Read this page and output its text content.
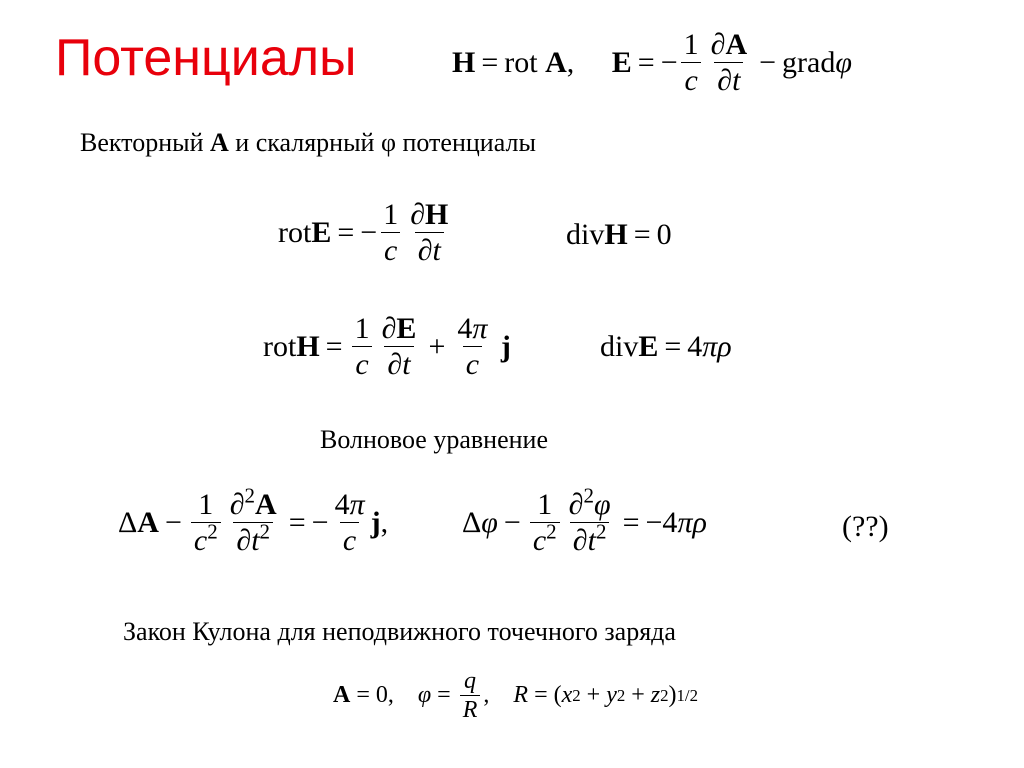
Потенциалы	H = rot A , E = − $\frac{1}{c} \frac{\partial A}{\partial t}$ − grad φ
Векторный A и скалярный φ потенциалы
rot E = − $\frac{1}{c} \frac{\partial H}{\partial t}$	div H = 0
rot $H = \frac{1}{c} \frac{\partial E}{\partial t} + \frac{4\pi}{c}$
j	div E = 4 πρ
Волновое уравнение
Δ $A - \frac{1}{c^2} \frac{\partial^2A}{\partial t^2}$ = − $\frac{4\pi}{c}$ j , Δ $\varphi - \frac{1}{c^2} \frac{\partial^2\varphi}{\partial t^2} = -4$ πρ	(??)
Закон Кулона для неподвижного точечного заряда
A = 0, $\varphi = \frac{q}{R}$ , R = ( x 2 + y 2 + z 2 ) 1/2
